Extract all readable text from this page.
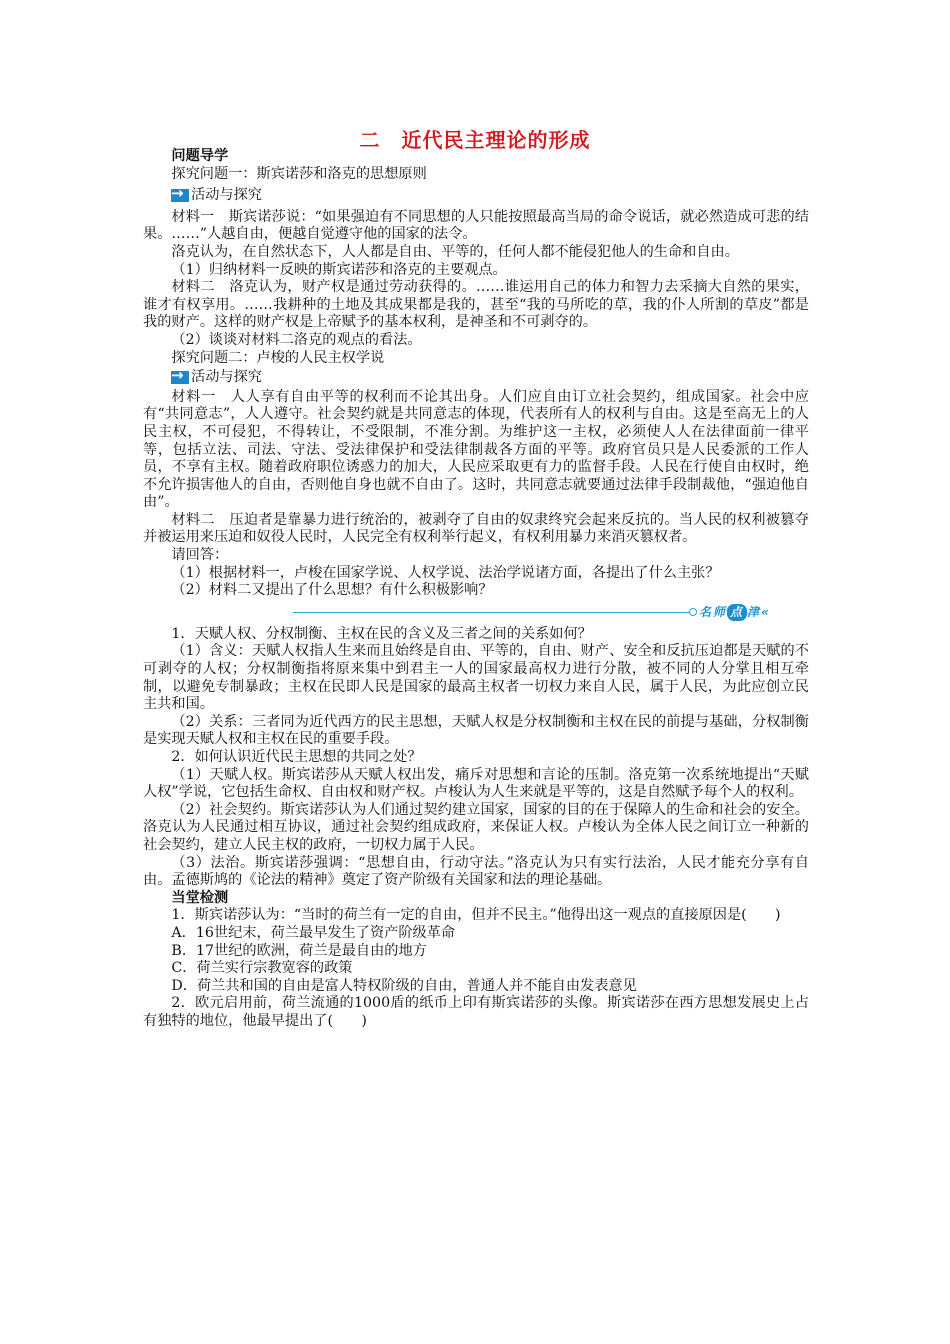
二　近代民主理论的形成

问题导学

探究问题一：斯宾诺莎和洛克的思想原则

→
活动与探究

材料一　斯宾诺莎说：“如果强迫有不同思想的人只能按照最高当局的命令说话，就必然造成可悲的结果。……”人越自由，便越自觉遵守他的国家的法令。

洛克认为，在自然状态下，人人都是自由、平等的，任何人都不能侵犯他人的生命和自由。

（1）归纳材料一反映的斯宾诺莎和洛克的主要观点。

材料二　洛克认为，财产权是通过劳动获得的。……谁运用自己的体力和智力去采摘大自然的果实，谁才有权享用。……我耕种的土地及其成果都是我的，甚至“我的马所吃的草，我的仆人所割的草皮”都是我的财产。这样的财产权是上帝赋予的基本权利，是神圣和不可剥夺的。

（2）谈谈对材料二洛克的观点的看法。

探究问题二：卢梭的人民主权学说

→
活动与探究

材料一　人人享有自由平等的权利而不论其出身。人们应自由订立社会契约，组成国家。社会中应有“共同意志”，人人遵守。社会契约就是共同意志的体现，代表所有人的权利与自由。这是至高无上的人民主权，不可侵犯，不得转让，不受限制，不准分割。为维护这一主权，必须使人人在法律面前一律平等，包括立法、司法、守法、受法律保护和受法律制裁各方面的平等。政府官员只是人民委派的工作人员，不享有主权。随着政府职位诱惑力的加大，人民应采取更有力的监督手段。人民在行使自由权时，绝不允许损害他人的自由，否则他自身也就不自由了。这时，共同意志就要通过法律手段制裁他，“强迫他自由”。

材料二　压迫者是靠暴力进行统治的，被剥夺了自由的奴隶终究会起来反抗的。当人民的权利被篡夺并被运用来压迫和奴役人民时，人民完全有权利举行起义，有权利用暴力来消灭篡权者。

请回答：

（1）根据材料一，卢梭在国家学说、人权学说、法治学说诸方面，各提出了什么主张？

（2）材料二又提出了什么思想？有什么积极影响？

名师 点 津«

1．天赋人权、分权制衡、主权在民的含义及三者之间的关系如何？

（1）含义：天赋人权指人生来而且始终是自由、平等的，自由、财产、安全和反抗压迫都是天赋的不可剥夺的人权；分权制衡指将原来集中到君主一人的国家最高权力进行分散，被不同的人分掌且相互牵制，以避免专制暴政；主权在民即人民是国家的最高主权者一切权力来自人民，属于人民，为此应创立民主共和国。

（2）关系：三者同为近代西方的民主思想，天赋人权是分权制衡和主权在民的前提与基础，分权制衡是实现天赋人权和主权在民的重要手段。

2．如何认识近代民主思想的共同之处？

（1）天赋人权。斯宾诺莎从天赋人权出发，痛斥对思想和言论的压制。洛克第一次系统地提出“天赋人权”学说，它包括生命权、自由权和财产权。卢梭认为人生来就是平等的，这是自然赋予每个人的权利。

（2）社会契约。斯宾诺莎认为人们通过契约建立国家，国家的目的在于保障人的生命和社会的安全。洛克认为人民通过相互协议，通过社会契约组成政府，来保证人权。卢梭认为全体人民之间订立一种新的社会契约，建立人民主权的政府，一切权力属于人民。

（3）法治。斯宾诺莎强调：“思想自由，行动守法。”洛克认为只有实行法治，人民才能充分享有自由。孟德斯鸠的《论法的精神》奠定了资产阶级有关国家和法的理论基础。

当堂检测

1．斯宾诺莎认为：“当时的荷兰有一定的自由，但并不民主。”他得出这一观点的直接原因是(　　)

A．16世纪末，荷兰最早发生了资产阶级革命

B．17世纪的欧洲，荷兰是最自由的地方

C．荷兰实行宗教宽容的政策

D．荷兰共和国的自由是富人特权阶级的自由，普通人并不能自由发表意见

2．欧元启用前，荷兰流通的1000盾的纸币上印有斯宾诺莎的头像。斯宾诺莎在西方思想发展史上占有独特的地位，他最早提出了(　　)
